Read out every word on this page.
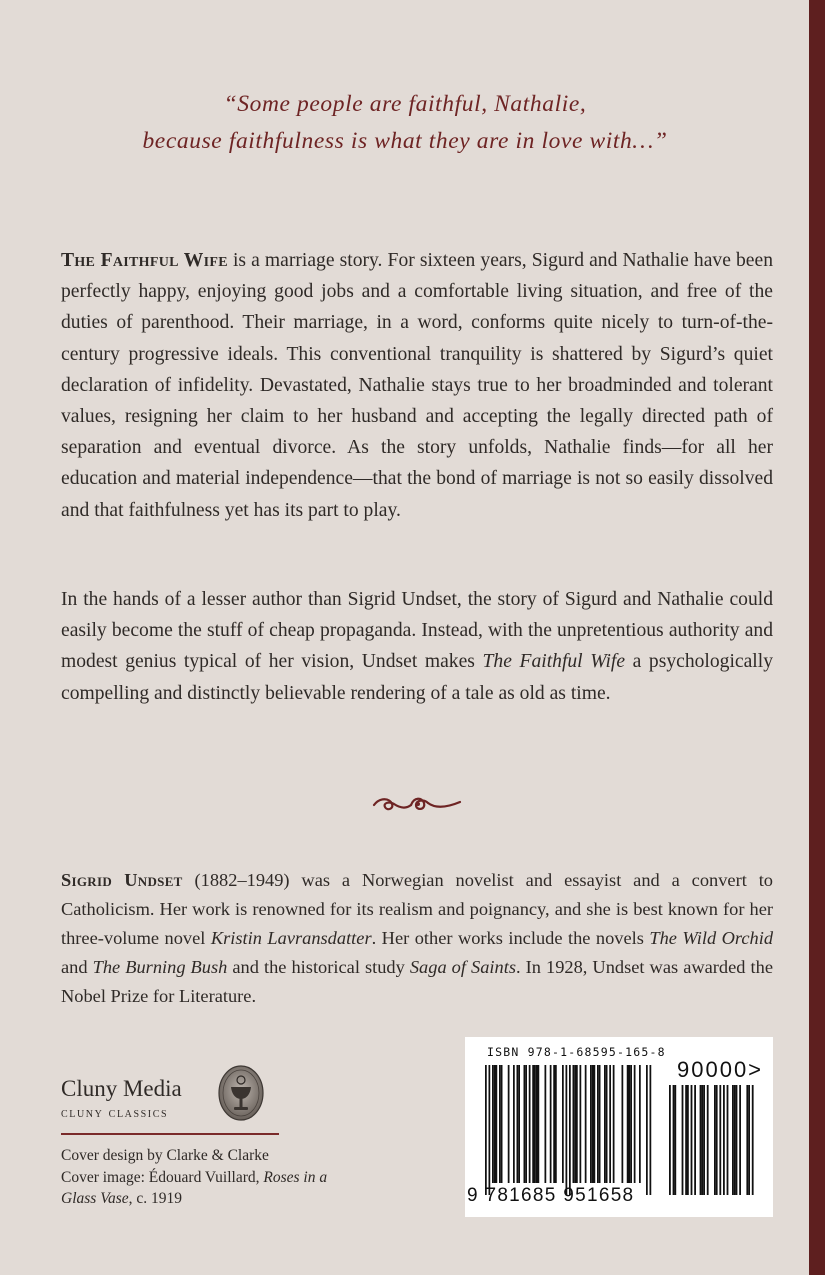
“Some people are faithful, Nathalie,
because faithfulness is what they are in love with…”
The Faithful Wife is a marriage story. For sixteen years, Sigurd and Nathalie have been perfectly happy, enjoying good jobs and a comfortable living situation, and free of the duties of parenthood. Their marriage, in a word, conforms quite nicely to turn-of-the-century progressive ideals. This conventional tranquility is shattered by Sigurd’s quiet declaration of infidelity. Devastated, Nathalie stays true to her broadminded and tolerant values, resigning her claim to her husband and accepting the legally directed path of separation and eventual divorce. As the story unfolds, Nathalie finds—for all her education and material independence—that the bond of marriage is not so easily dissolved and that faithfulness yet has its part to play.
In the hands of a lesser author than Sigrid Undset, the story of Sigurd and Nathalie could easily become the stuff of cheap propaganda. Instead, with the unpretentious authority and modest genius typical of her vision, Undset makes The Faithful Wife a psychologically compelling and distinctly believable rendering of a tale as old as time.
Sigrid Undset (1882–1949) was a Norwegian novelist and essayist and a convert to Catholicism. Her work is renowned for its realism and poignancy, and she is best known for her three-volume novel Kristin Lavransdatter. Her other works include the novels The Wild Orchid and The Burning Bush and the historical study Saga of Saints. In 1928, Undset was awarded the Nobel Prize for Literature.
Cluny Media
cluny classics
Cover design by Clarke & Clarke
Cover image: Édouard Vuillard, Roses in a Glass Vase, c. 1919
ISBN 978-1-68595-165-8
90000>
9 781685 951658
